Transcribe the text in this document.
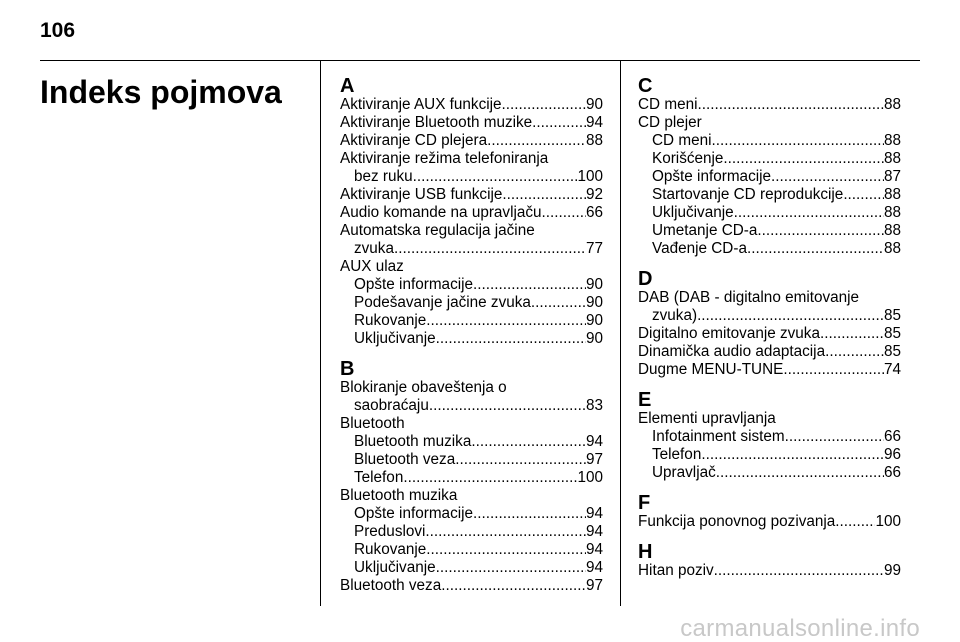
106
Indeks pojmova	A
Aktiviranje AUX funkcije .....	90
Aktiviranje Bluetooth muzike .....	94
Aktiviranje CD plejera .....	88
Aktiviranje režima telefoniranja
bez ruku .....	100
Aktiviranje USB funkcije .....	92
Audio komande na upravljaču .....	66
Automatska regulacija jačine
zvuka .....	77
AUX ulaz
Opšte informacije .....	90
Podešavanje jačine zvuka .....	90
Rukovanje .....	90
Uključivanje .....	90
B
Blokiranje obaveštenja o
saobraćaju .....	83
Bluetooth
Bluetooth muzika .....	94
Bluetooth veza .....	97
Telefon .....	100
Bluetooth muzika
Opšte informacije .....	94
Preduslovi .....	94
Rukovanje .....	94
Uključivanje .....	94
Bluetooth veza .....	97
C
CD meni .....	88
CD plejer
CD meni .....	88
Korišćenje .....	88
Opšte informacije .....	87
Startovanje CD reprodukcije .....	88
Uključivanje .....	88
Umetanje CD-a .....	88
Vađenje CD-a .....	88
D
DAB (DAB - digitalno emitovanje
zvuka) .....	85
Digitalno emitovanje zvuka .....	85
Dinamička audio adaptacija .....	85
Dugme MENU-TUNE .....	74
E
Elementi upravljanja
Infotainment sistem .....	66
Telefon .....	96
Upravljač .....	66
F
Funkcija ponovnog pozivanja .....	100
H
Hitan poziv .....	99
carmanualsonline.info
